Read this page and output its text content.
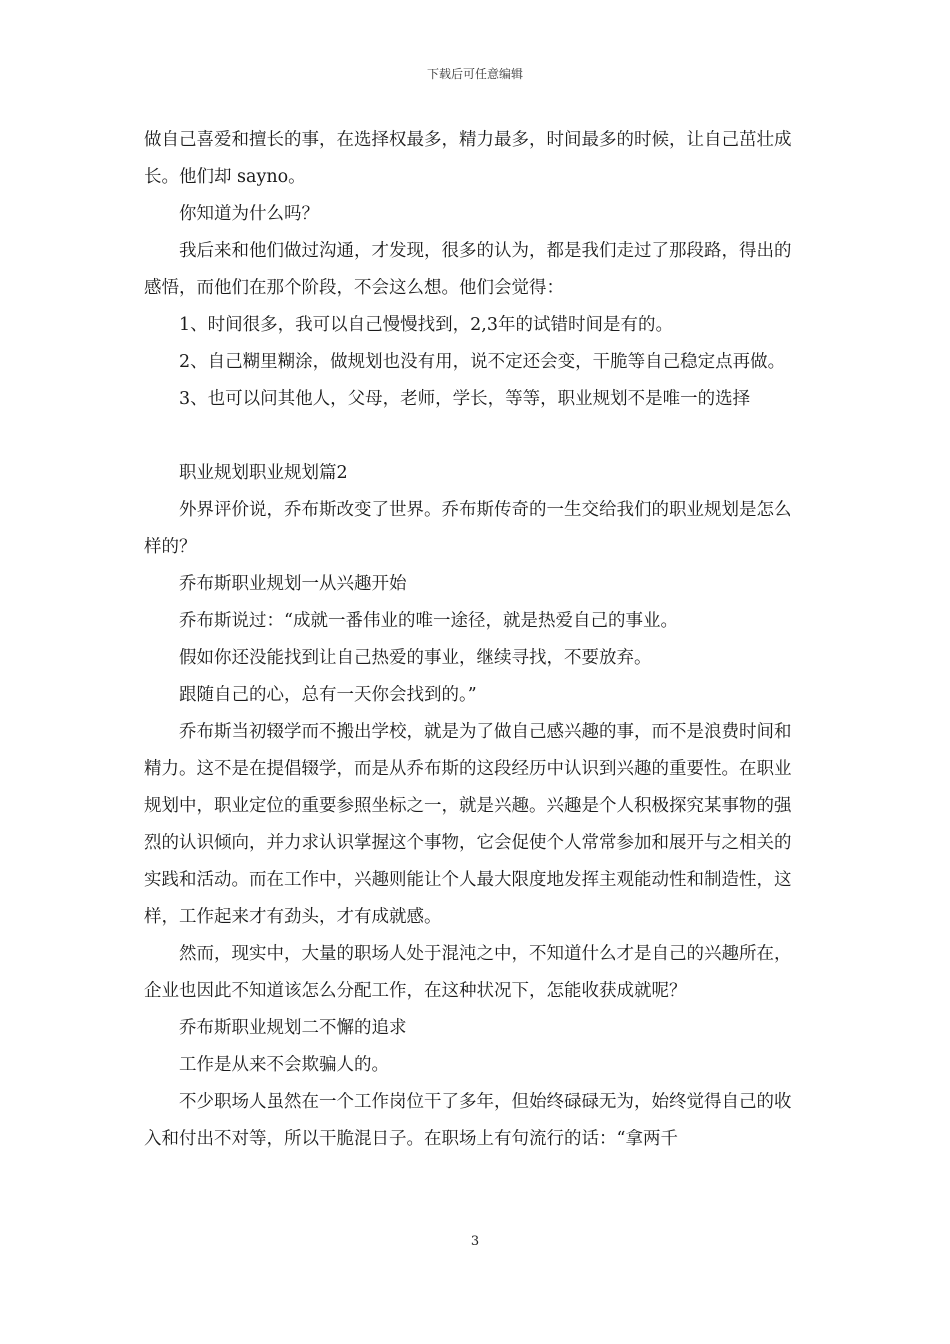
下载后可任意编辑

做自己喜爱和擅长的事，在选择权最多，精力最多，时间最多的时候，让自己茁壮成长。他们却 sayno。

你知道为什么吗？

我后来和他们做过沟通，才发现，很多的认为，都是我们走过了那段路，得出的感悟，而他们在那个阶段，不会这么想。他们会觉得：

1、时间很多，我可以自己慢慢找到，2,3年的试错时间是有的。

2、自己糊里糊涂，做规划也没有用，说不定还会变，干脆等自己稳定点再做。

3、也可以问其他人，父母，老师，学长，等等，职业规划不是唯一的选择

职业规划职业规划篇2

外界评价说，乔布斯改变了世界。乔布斯传奇的一生交给我们的职业规划是怎么样的？

乔布斯职业规划一从兴趣开始

乔布斯说过：“成就一番伟业的唯一途径，就是热爱自己的事业。

假如你还没能找到让自己热爱的事业，继续寻找，不要放弃。

跟随自己的心，总有一天你会找到的。”

乔布斯当初辍学而不搬出学校，就是为了做自己感兴趣的事，而不是浪费时间和精力。这不是在提倡辍学，而是从乔布斯的这段经历中认识到兴趣的重要性。在职业规划中，职业定位的重要参照坐标之一，就是兴趣。兴趣是个人积极探究某事物的强烈的认识倾向，并力求认识掌握这个事物，它会促使个人常常参加和展开与之相关的实践和活动。而在工作中，兴趣则能让个人最大限度地发挥主观能动性和制造性，这样，工作起来才有劲头，才有成就感。

然而，现实中，大量的职场人处于混沌之中，不知道什么才是自己的兴趣所在，企业也因此不知道该怎么分配工作，在这种状况下，怎能收获成就呢？

乔布斯职业规划二不懈的追求

工作是从来不会欺骗人的。

不少职场人虽然在一个工作岗位干了多年，但始终碌碌无为，始终觉得自己的收入和付出不对等，所以干脆混日子。在职场上有句流行的话：“拿两千

3
